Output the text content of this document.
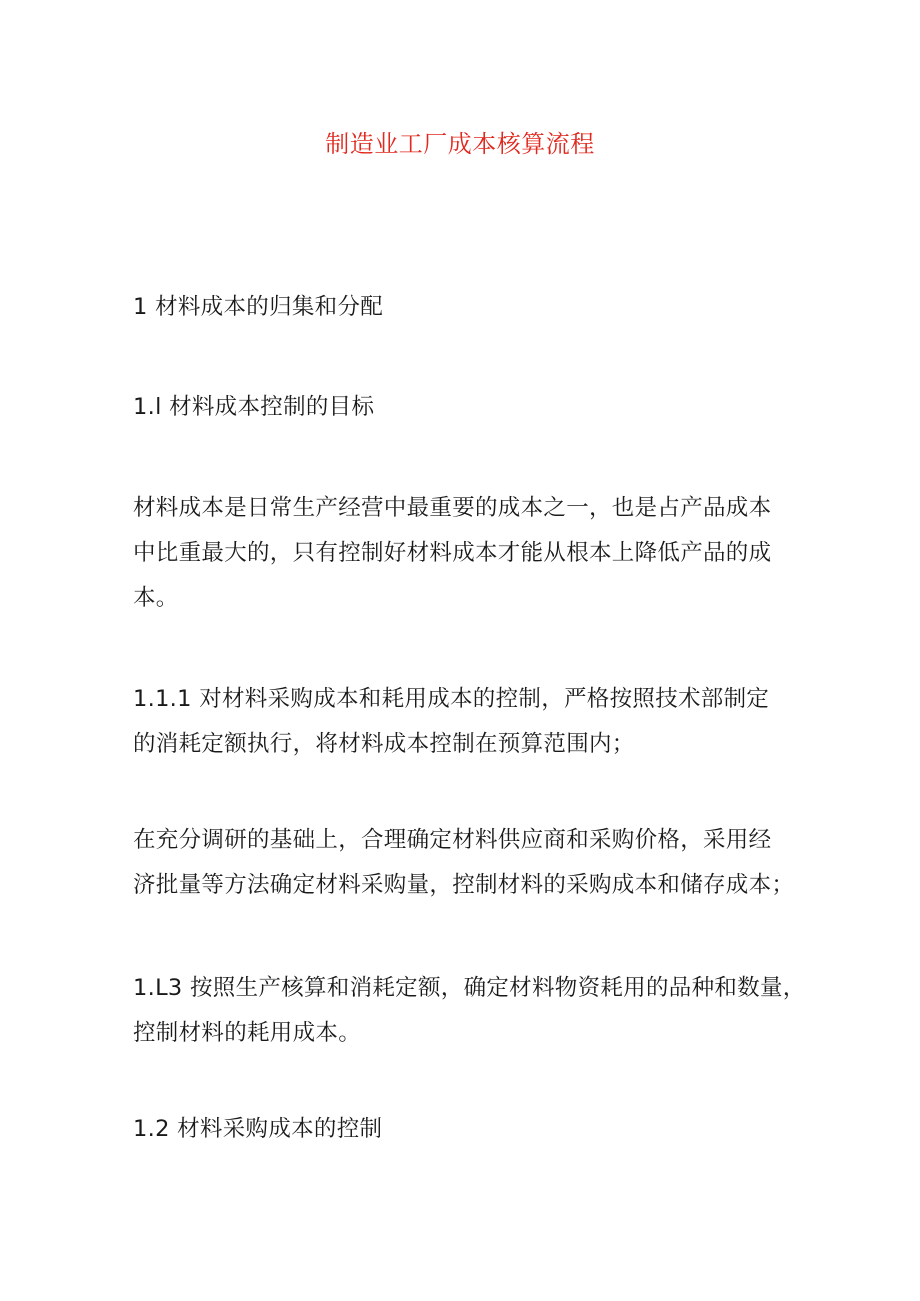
制造业工厂成本核算流程
1 材料成本的归集和分配
1.l 材料成本控制的目标
材料成本是日常生产经营中最重要的成本之一，也是占产品成本
中比重最大的，只有控制好材料成本才能从根本上降低产品的成
本。
1.1.1 对材料采购成本和耗用成本的控制，严格按照技术部制定
的消耗定额执行，将材料成本控制在预算范围内；
在充分调研的基础上，合理确定材料供应商和采购价格，采用经
济批量等方法确定材料采购量，控制材料的采购成本和储存成本；
1.L3 按照生产核算和消耗定额，确定材料物资耗用的品种和数量，
控制材料的耗用成本。
1.2 材料采购成本的控制
